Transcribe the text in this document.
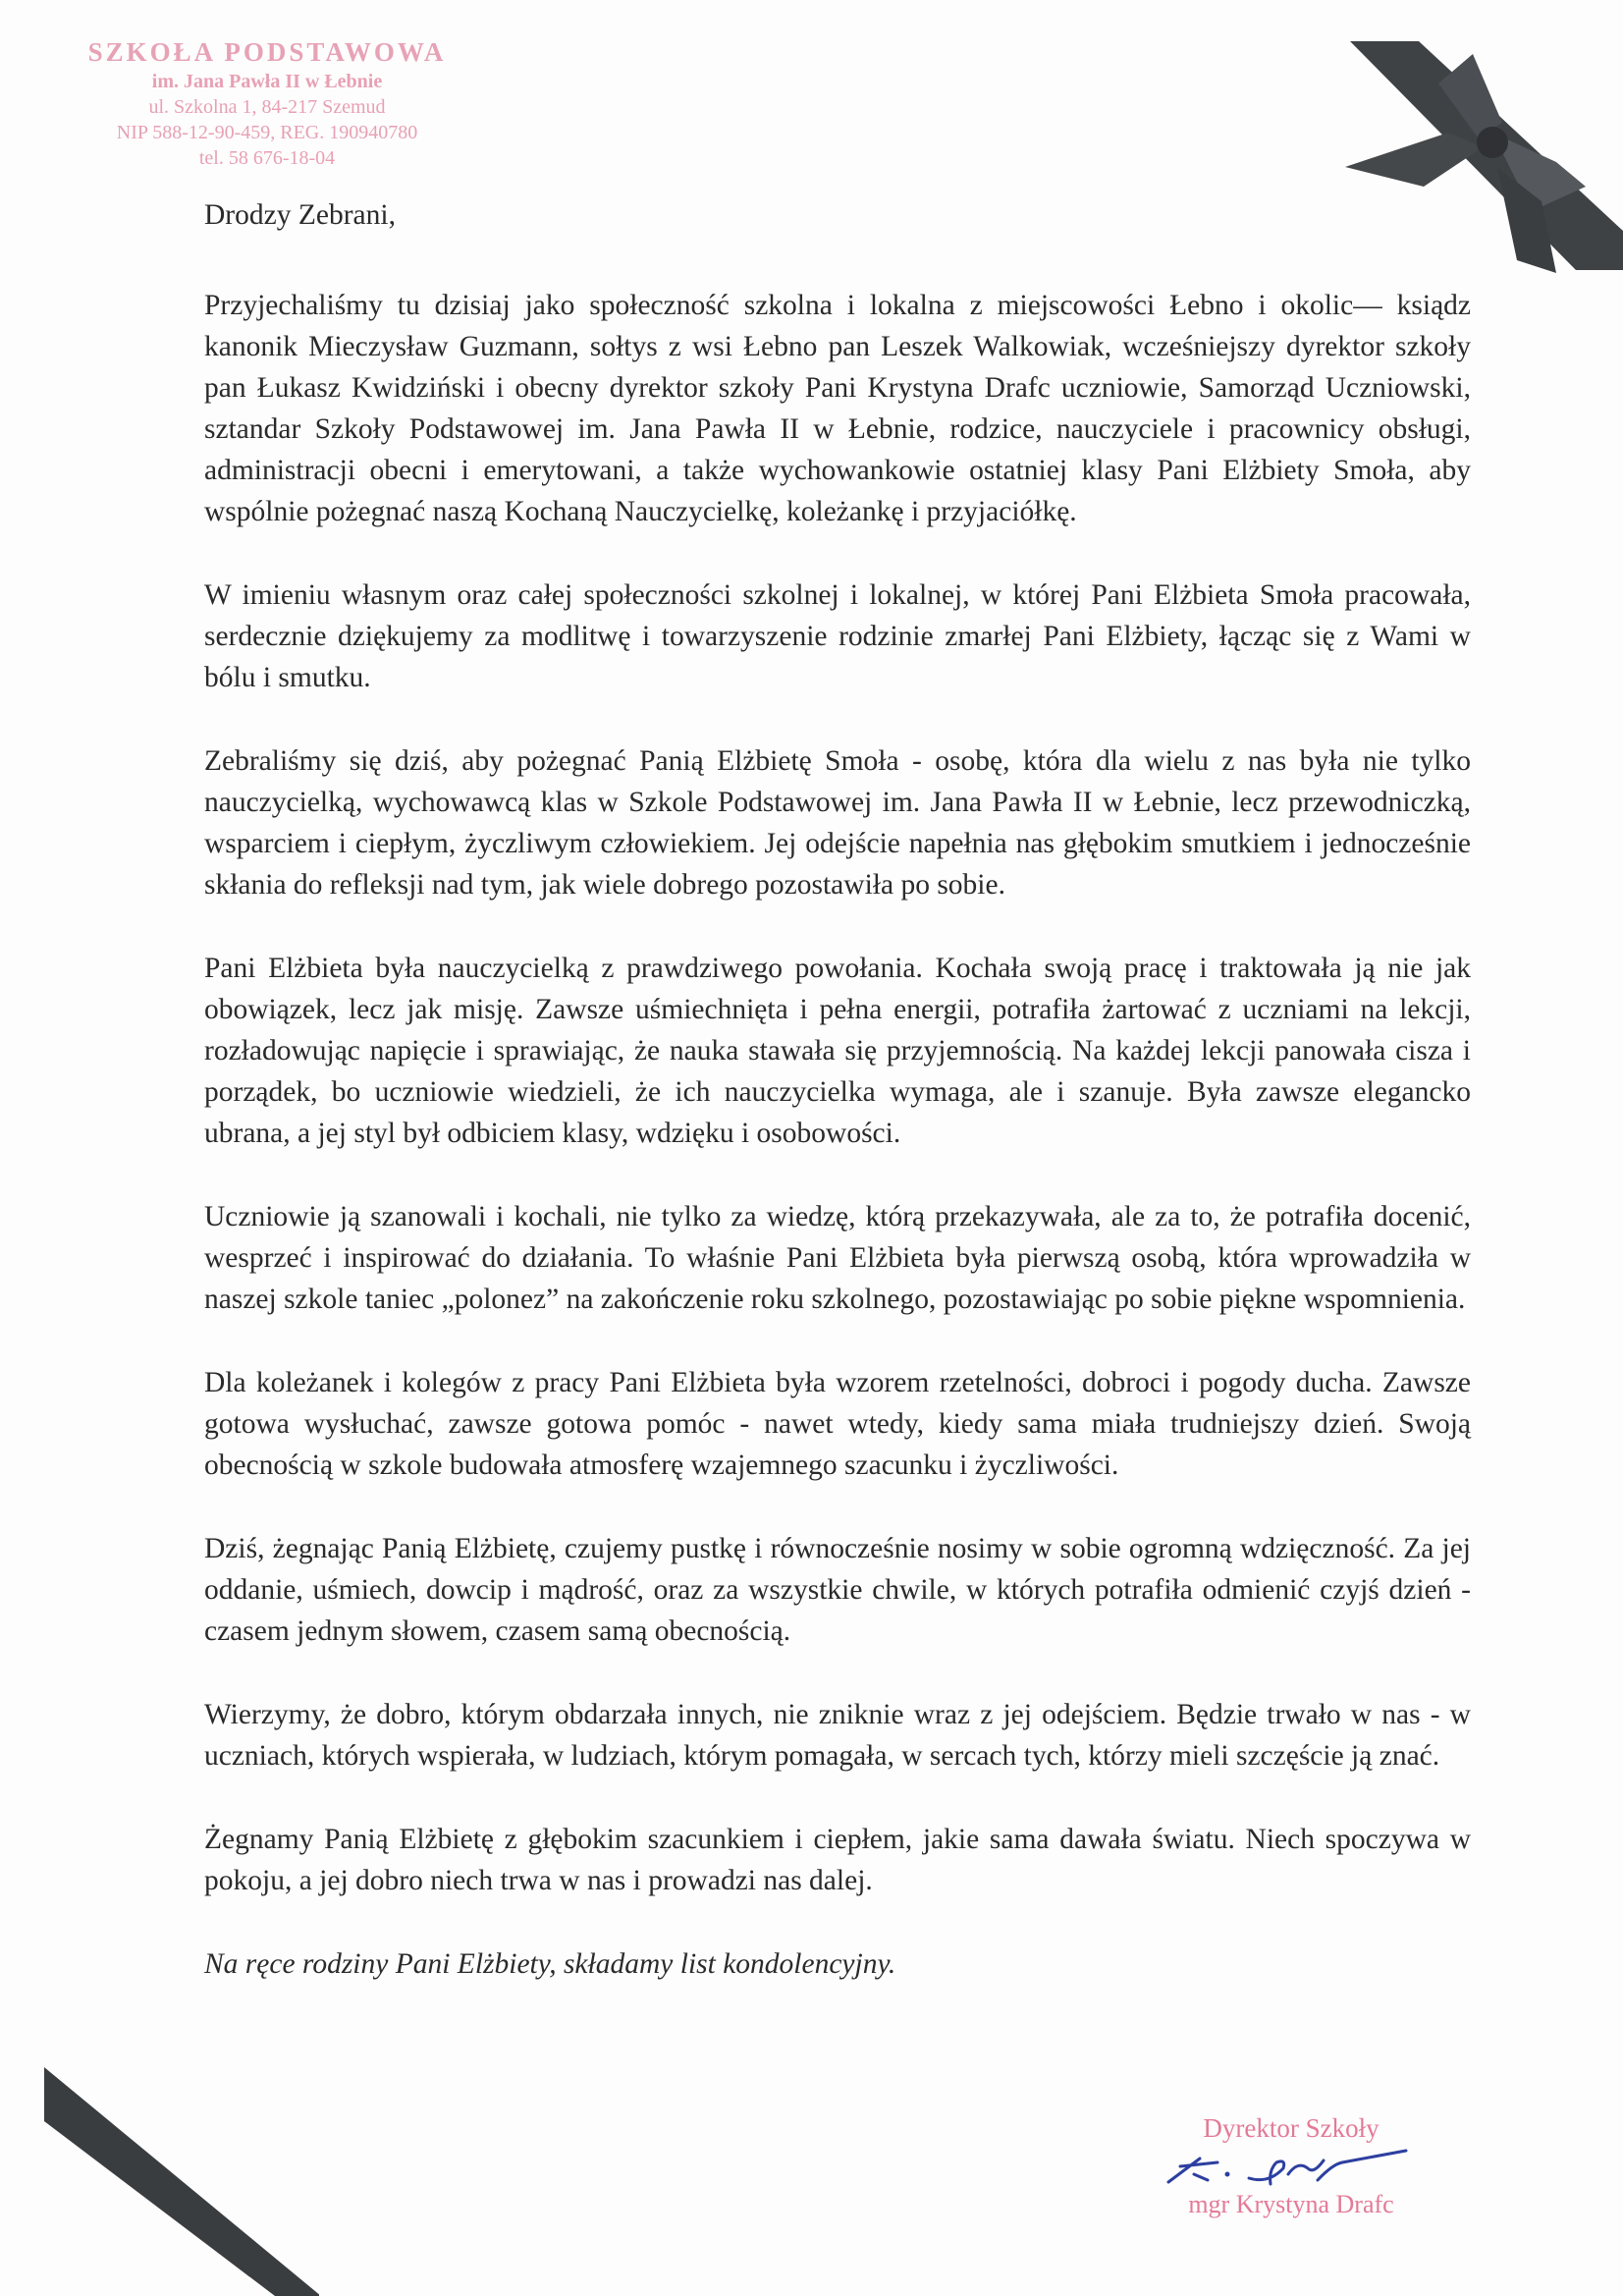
SZKOŁA PODSTAWOWA
im. Jana Pawła II w Łebnie
ul. Szkolna 1, 84-217 Szemud
NIP 588-12-90-459, REG. 190940780
tel. 58 676-18-04

Drodzy Zebrani,

Przyjechaliśmy tu dzisiaj jako społeczność szkolna i lokalna z miejscowości Łebno i okolic— ksiądz kanonik Mieczysław Guzmann, sołtys z wsi Łebno pan Leszek Walkowiak, wcześniejszy dyrektor szkoły pan Łukasz Kwidziński i obecny dyrektor szkoły Pani Krystyna Drafc uczniowie, Samorząd Uczniowski, sztandar Szkoły Podstawowej im. Jana Pawła II w Łebnie, rodzice, nauczyciele i pracownicy obsługi, administracji obecni i emerytowani, a także wychowankowie ostatniej klasy Pani Elżbiety Smoła, aby wspólnie pożegnać naszą Kochaną Nauczycielkę, koleżankę i przyjaciółkę.

W imieniu własnym oraz całej społeczności szkolnej i lokalnej, w której Pani Elżbieta Smoła pracowała, serdecznie dziękujemy za modlitwę i towarzyszenie rodzinie zmarłej Pani Elżbiety, łącząc się z Wami w bólu i smutku.

Zebraliśmy się dziś, aby pożegnać Panią Elżbietę Smoła - osobę, która dla wielu z nas była nie tylko nauczycielką, wychowawcą klas w Szkole Podstawowej im. Jana Pawła II w Łebnie, lecz przewodniczką, wsparciem i ciepłym, życzliwym człowiekiem. Jej odejście napełnia nas głębokim smutkiem i jednocześnie skłania do refleksji nad tym, jak wiele dobrego pozostawiła po sobie.

Pani Elżbieta była nauczycielką z prawdziwego powołania. Kochała swoją pracę i traktowała ją nie jak obowiązek, lecz jak misję. Zawsze uśmiechnięta i pełna energii, potrafiła żartować z uczniami na lekcji, rozładowując napięcie i sprawiając, że nauka stawała się przyjemnością. Na każdej lekcji panowała cisza i porządek, bo uczniowie wiedzieli, że ich nauczycielka wymaga, ale i szanuje. Była zawsze elegancko ubrana, a jej styl był odbiciem klasy, wdzięku i osobowości.

Uczniowie ją szanowali i kochali, nie tylko za wiedzę, którą przekazywała, ale za to, że potrafiła docenić, wesprzeć i inspirować do działania. To właśnie Pani Elżbieta była pierwszą osobą, która wprowadziła w naszej szkole taniec „polonez” na zakończenie roku szkolnego, pozostawiając po sobie piękne wspomnienia.

Dla koleżanek i kolegów z pracy Pani Elżbieta była wzorem rzetelności, dobroci i pogody ducha. Zawsze gotowa wysłuchać, zawsze gotowa pomóc - nawet wtedy, kiedy sama miała trudniejszy dzień. Swoją obecnością w szkole budowała atmosferę wzajemnego szacunku i życzliwości.

Dziś, żegnając Panią Elżbietę, czujemy pustkę i równocześnie nosimy w sobie ogromną wdzięczność. Za jej oddanie, uśmiech, dowcip i mądrość, oraz za wszystkie chwile, w których potrafiła odmienić czyjś dzień - czasem jednym słowem, czasem samą obecnością.

Wierzymy, że dobro, którym obdarzała innych, nie zniknie wraz z jej odejściem. Będzie trwało w nas - w uczniach, których wspierała, w ludziach, którym pomagała, w sercach tych, którzy mieli szczęście ją znać.

Żegnamy Panią Elżbietę z głębokim szacunkiem i ciepłem, jakie sama dawała światu. Niech spoczywa w pokoju, a jej dobro niech trwa w nas i prowadzi nas dalej.

Na ręce rodziny Pani Elżbiety, składamy list kondolencyjny.

Dyrektor Szkoły
mgr Krystyna Drafc
